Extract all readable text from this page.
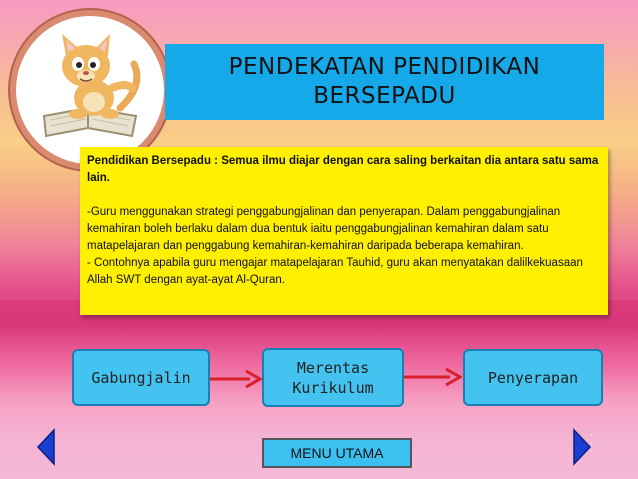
PENDEKATAN PENDIDIKAN
BERSEPADU

Pendidikan Bersepadu : Semua ilmu diajar dengan cara saling berkaitan dia antara satu sama lain.

-Guru menggunakan strategi penggabungjalinan dan penyerapan. Dalam penggabungjalinan kemahiran boleh berlaku dalam dua bentuk iaitu penggabungjalinan kemahiran dalam satu matapelajaran dan penggabung kemahiran-kemahiran daripada beberapa kemahiran.

- Contohnya apabila guru mengajar matapelajaran Tauhid, guru akan menyatakan dalilkekuasaan Allah SWT dengan ayat-ayat Al-Quran.

Gabungjalin
Merentas
Kurikulum
Penyerapan
MENU UTAMA
·
··
·
